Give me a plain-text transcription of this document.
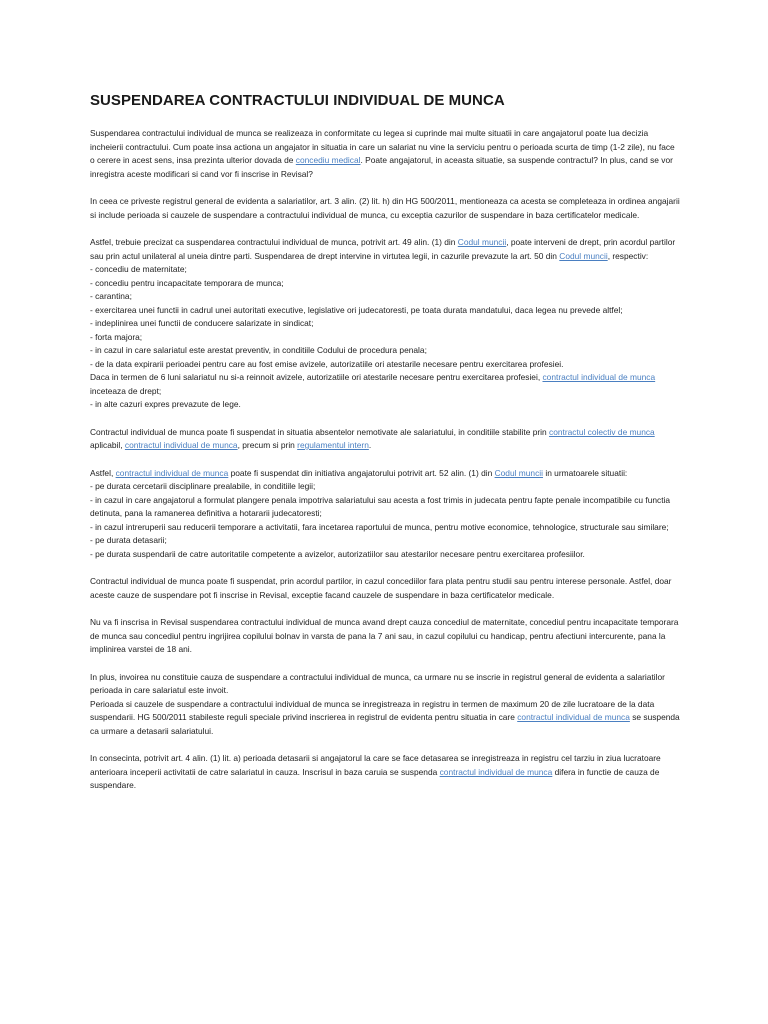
SUSPENDAREA CONTRACTULUI INDIVIDUAL DE MUNCA

Suspendarea contractului individual de munca se realizeaza in conformitate cu legea si cuprinde mai multe situatii in care angajatorul poate lua decizia incheierii contractului. Cum poate insa actiona un angajator in situatia in care un salariat nu vine la serviciu pentru o perioada scurta de timp (1-2 zile), nu face o cerere in acest sens, insa prezinta ulterior dovada de concediu medical. Poate angajatorul, in aceasta situatie, sa suspende contractul? In plus, cand se vor inregistra aceste modificari si cand vor fi inscrise in Revisal?

In ceea ce priveste registrul general de evidenta a salariatilor, art. 3 alin. (2) lit. h) din HG 500/2011, mentioneaza ca acesta se completeaza in ordinea angajarii si include perioada si cauzele de suspendare a contractului individual de munca, cu exceptia cazurilor de suspendare in baza certificatelor medicale.

Astfel, trebuie precizat ca suspendarea contractului individual de munca, potrivit art. 49 alin. (1) din Codul muncii, poate interveni de drept, prin acordul partilor sau prin actul unilateral al uneia dintre parti. Suspendarea de drept intervine in virtutea legii, in cazurile prevazute la art. 50 din Codul muncii, respectiv:
- concediu de maternitate;
- concediu pentru incapacitate temporara de munca;
- carantina;
- exercitarea unei functii in cadrul unei autoritati executive, legislative ori judecatoresti, pe toata durata mandatului, daca legea nu prevede altfel;
- indeplinirea unei functii de conducere salarizate in sindicat;
- forta majora;
- in cazul in care salariatul este arestat preventiv, in conditiile Codului de procedura penala;
- de la data expirarii perioadei pentru care au fost emise avizele, autorizatiile ori atestarile necesare pentru exercitarea profesiei.
Daca in termen de 6 luni salariatul nu si-a reinnoit avizele, autorizatiile ori atestarile necesare pentru exercitarea profesiei, contractul individual de munca inceteaza de drept;
- in alte cazuri expres prevazute de lege.

Contractul individual de munca poate fi suspendat in situatia absentelor nemotivate ale salariatului, in conditiile stabilite prin contractul colectiv de munca aplicabil, contractul individual de munca, precum si prin regulamentul intern.

Astfel, contractul individual de munca poate fi suspendat din initiativa angajatorului potrivit art. 52 alin. (1) din Codul muncii in urmatoarele situatii:
- pe durata cercetarii disciplinare prealabile, in conditiile legii;
- in cazul in care angajatorul a formulat plangere penala impotriva salariatului sau acesta a fost trimis in judecata pentru fapte penale incompatibile cu functia detinuta, pana la ramanerea definitiva a hotararii judecatoresti;
- in cazul intreruperii sau reducerii temporare a activitatii, fara incetarea raportului de munca, pentru motive economice, tehnologice, structurale sau similare;
- pe durata detasarii;
- pe durata suspendarii de catre autoritatile competente a avizelor, autorizatiilor sau atestarilor necesare pentru exercitarea profesiilor.

Contractul individual de munca poate fi suspendat, prin acordul partilor, in cazul concediilor fara plata pentru studii sau pentru interese personale. Astfel, doar aceste cauze de suspendare pot fi inscrise in Revisal, exceptie facand cauzele de suspendare in baza certificatelor medicale.

Nu va fi inscrisa in Revisal suspendarea contractului individual de munca avand drept cauza concediul de maternitate, concediul pentru incapacitate temporara de munca sau concediul pentru ingrijirea copilului bolnav in varsta de pana la 7 ani sau, in cazul copilului cu handicap, pentru afectiuni intercurente, pana la implinirea varstei de 18 ani.

In plus, invoirea nu constituie cauza de suspendare a contractului individual de munca, ca urmare nu se inscrie in registrul general de evidenta a salariatilor perioada in care salariatul este invoit.
Perioada si cauzele de suspendare a contractului individual de munca se inregistreaza in registru in termen de maximum 20 de zile lucratoare de la data suspendarii. HG 500/2011 stabileste reguli speciale privind inscrierea in registrul de evidenta pentru situatia in care contractul individual de munca se suspenda ca urmare a detasarii salariatului.

In consecinta, potrivit art. 4 alin. (1) lit. a) perioada detasarii si angajatorul la care se face detasarea se inregistreaza in registru cel tarziu in ziua lucratoare anterioara inceperii activitatii de catre salariatul in cauza. Inscrisul in baza caruia se suspenda contractul individual de munca difera in functie de cauza de suspendare.
